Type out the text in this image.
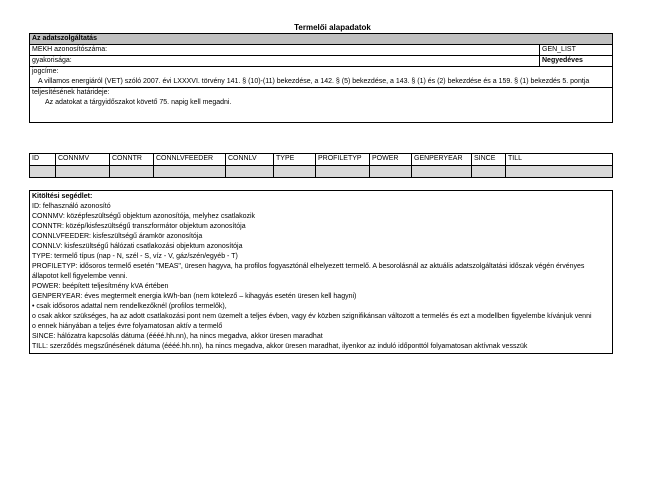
Termelői alapadatok
Az adatszolgáltatás
MEKH azonosítószáma:	GEN_LIST
gyakorisága:	Negyedéves
jogcíme:
A villamos energiáról (VET) szóló 2007. évi LXXXVI. törvény 141. § (10)-(11) bekezdése, a 142. § (5) bekezdése, a 143. § (1) és (2) bekezdése és a 159. § (1) bekezdés 5. pontja
teljesítésének határideje:
Az adatokat a tárgyidőszakot követő 75. napig kell megadni.
ID	CONNMV	CONNTR	CONNLVFEEDER	CONNLV	TYPE	PROFILETYP	POWER	GENPERYEAR	SINCE	TILL
Kitöltési segédlet:
ID: felhasználó azonosító
CONNMV: középfeszültségű objektum azonosítója, melyhez csatlakozik
CONNTR: közép/kisfeszültségű transzformátor objektum azonosítója
CONNLVFEEDER: kisfeszültségű áramkör azonosítója
CONNLV: kisfeszültségű hálózati csatlakozási objektum azonosítója
TYPE: termelő típus (nap - N, szél - S, víz - V, gáz/szén/egyéb - T)
PROFILETYP: idősoros termelő esetén "MEAS", üresen hagyva, ha profilos fogyasztónál elhelyezett termelő. A besorolásnál az aktuális adatszolgáltatási időszak végén érvényes állapotot kell figyelembe venni.
POWER: beépített teljesítmény kVA értében
GENPERYEAR: éves megtermelt energia kWh-ban (nem kötelező – kihagyás esetén üresen kell hagyni)
• csak idősoros adattal nem rendelkezőknél (profilos termelők),
o csak akkor szükséges, ha az adott csatlakozási pont nem üzemelt a teljes évben, vagy év közben szignifikánsan változott a termelés és ezt a modellben figyelembe kívánjuk venni
o ennek hiányában a teljes évre folyamatosan aktív a termelő
SINCE: hálózatra kapcsolás dátuma (éééé.hh.nn), ha nincs megadva, akkor üresen maradhat
TILL: szerződés megszűnésének dátuma (éééé.hh.nn), ha nincs megadva, akkor üresen maradhat, ilyenkor az induló időponttól folyamatosan aktívnak vesszük
